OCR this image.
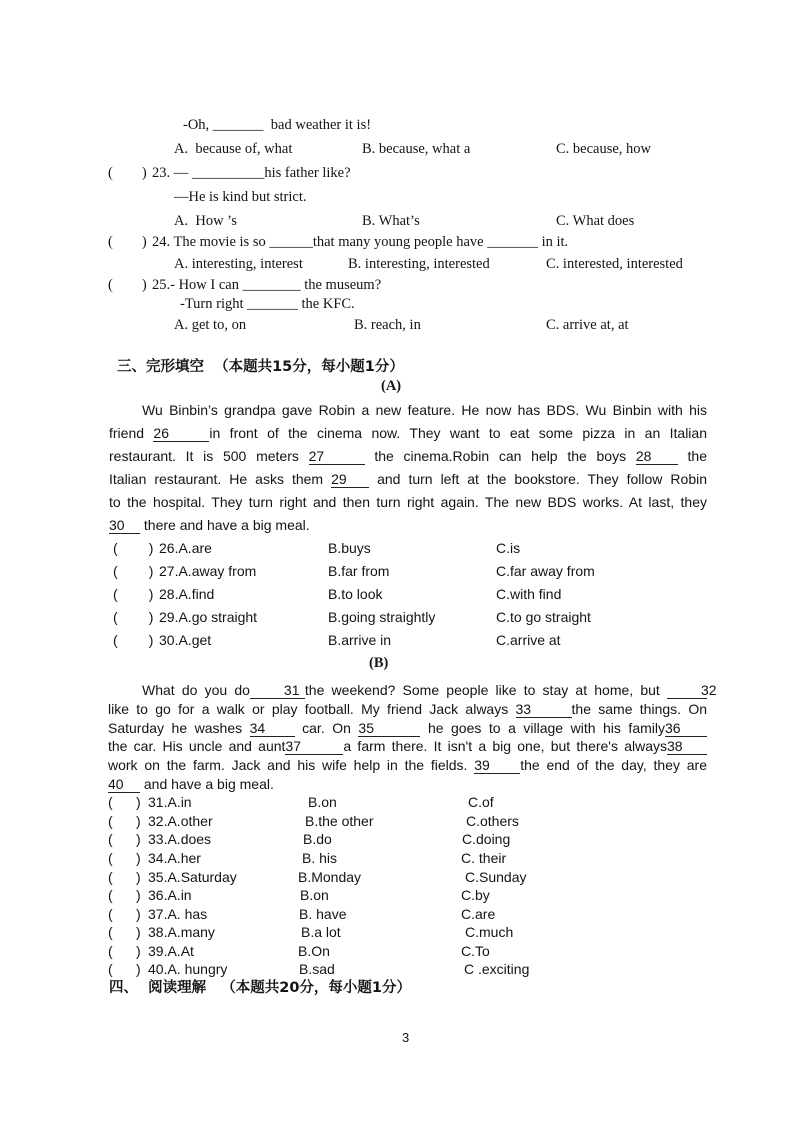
-Oh, _______  bad weather it is!
A.  because of, what	B. because, what a	C. because, how
(        ) 23. — __________his father like?
—He is kind but strict.
A.  How ’s	B. What’s	C. What does
(        ) 24. The movie is so ______that many young people have _______ in it.
A. interesting, interest	B. interesting, interested	C. interested, interested
(        ) 25.- How I can ________ the museum?
-Turn right _______ the KFC.
A. get to, on	B. reach, in	C. arrive at, at
三、完形填空  （本题共15分，每小题1分）
(A)
Wu Binbin’s grandpa gave Robin a new feature. He now has BDS. Wu Binbin with his
friend 26	in front of the cinema now. They want to eat some pizza in an Italian
restaurant. It is 500 meters 27	the cinema.Robin can help the boys 28 the
Italian restaurant. He asks them 29 and turn left at the bookstore. They follow Robin
to the hospital. They turn right and then turn right again. The new BDS works. At last, they
30 there and have a big meal.
(        ) 26.A.are	B.buys	C.is
(        ) 27.A.away from	B.far from	C.far away from
(        ) 28.A.find	B.to look	C.with find
(        ) 29.A.go straight	B.going straightly	C.to go straight
(        ) 30.A.get	B.arrive in	C.arrive at
(B)
What do you do 31 the weekend? Some people like to stay at home, but 32
like to go for a walk or play football. My friend Jack always 33	the same things. On
Saturday he washes 34 car. On 35	he goes to a village with his family36
the car. His uncle and aunt37	a farm there. It isn't a big one, but there's always38
work on the farm. Jack and his wife help in the fields. 39 the end of the day, they are
40 and have a big meal.
(      ) 31.A.in	B.on	C.of
(      ) 32.A.other	B.the other	C.others
(      ) 33.A.does	B.do	C.doing
(      ) 34.A.her	B. his	C. their
(      ) 35.A.Saturday	B.Monday	C.Sunday
(      ) 36.A.in	B.on	C.by
(      ) 37.A. has	B. have	C.are
(      ) 38.A.many	B.a lot	C.much
(      ) 39.A.At	B.On	C.To
(      ) 40.A. hungry	B.sad	C .exciting
四、  阅读理解   （本题共20分，每小题1分）
3
